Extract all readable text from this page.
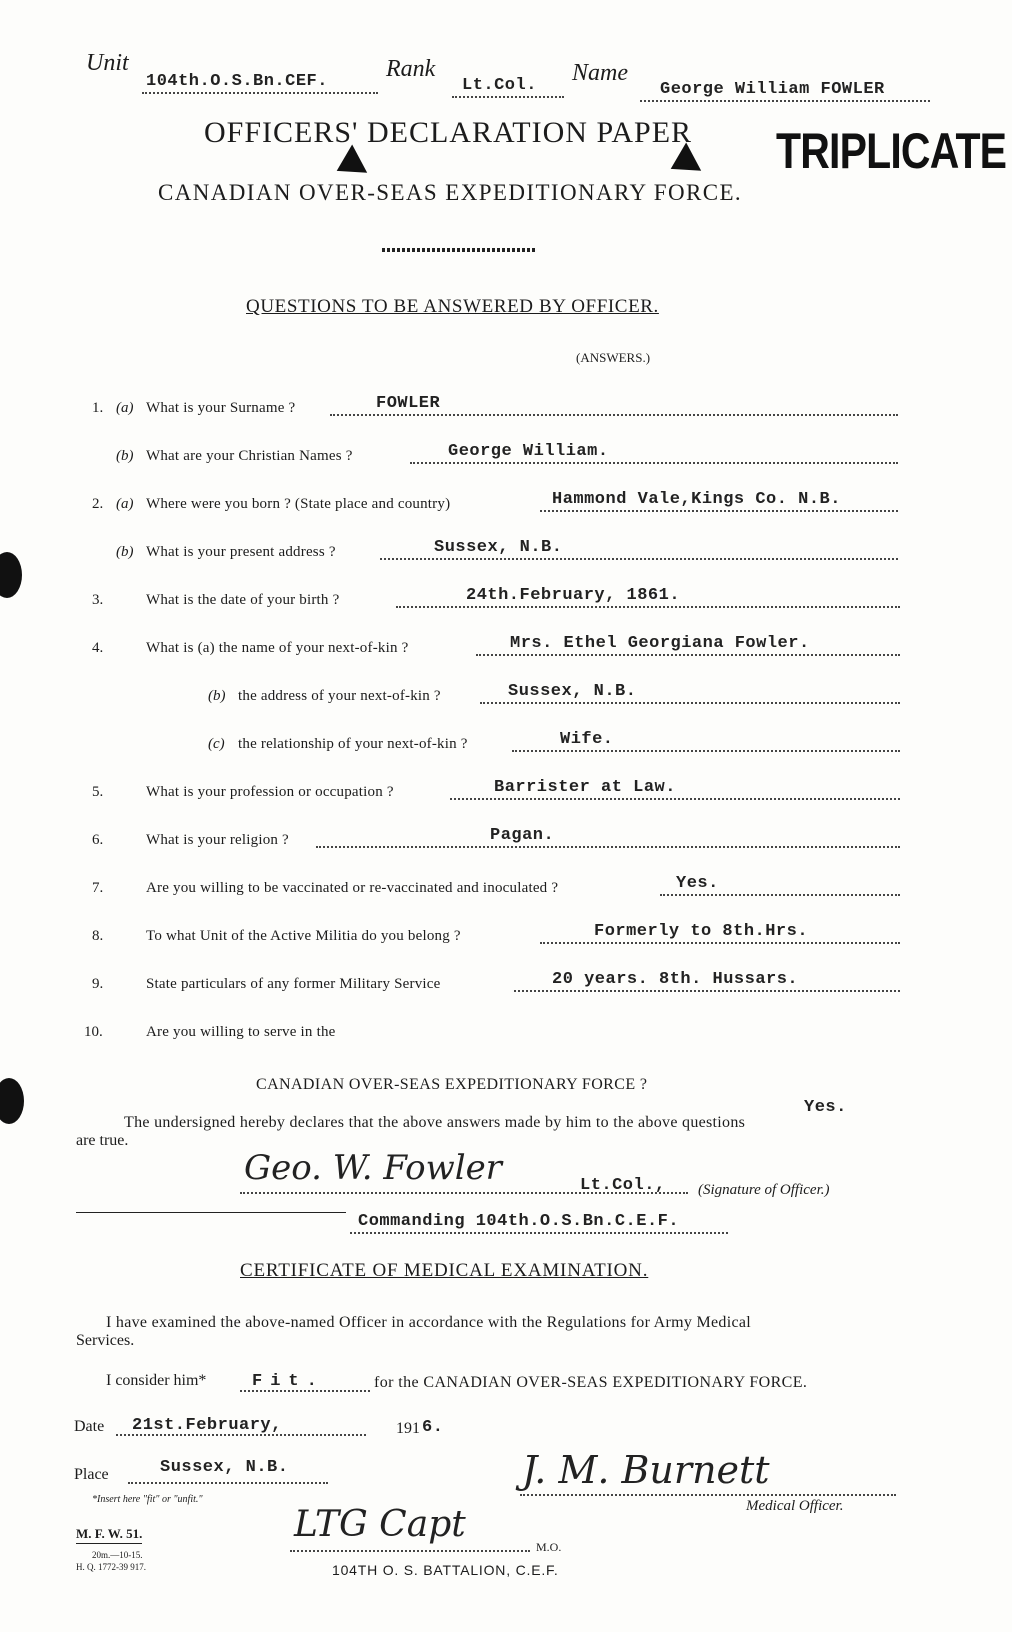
Unit
104th.O.S.Bn.CEF. Rank
Lt.Col. Name
George William FOWLER
OFFICERS' DECLARATION PAPER TRIPLICATE
CANADIAN OVER-SEAS EXPEDITIONARY FORCE.
QUESTIONS TO BE ANSWERED BY OFFICER.
(ANSWERS.)
1. (a) What is your Surname ?	FOWLER
(b) What are your Christian Names ?	George William.
2. (a) Where were you born ? (State place and country)	Hammond Vale,Kings Co. N.B.
(b) What is your present address ?	Sussex, N.B.
3.	What is the date of your birth ?	24th.February, 1861.
4.	What is (a) the name of your next-of-kin ?	Mrs. Ethel Georgiana Fowler.
(b) the address of your next-of-kin ?	Sussex, N.B.
(c) the relationship of your next-of-kin ?	Wife.
5.	What is your profession or occupation ?	Barrister at Law.
6.	What is your religion ?	Pagan.
7.	Are you willing to be vaccinated or re-vaccinated and inoculated ?	Yes.
8.	To what Unit of the Active Militia do you belong ?	Formerly to 8th.Hrs.
9.	State particulars of any former Military Service	20 years. 8th. Hussars.
10.	Are you willing to serve in the
CANADIAN OVER-SEAS EXPEDITIONARY FORCE ?
Yes.
The undersigned hereby declares that the above answers made by him to the above questions
are true.
Geo. W. Fowler	Lt.Col., (Signature of Officer.)
Commanding 104th.O.S.Bn.C.E.F.
CERTIFICATE OF MEDICAL EXAMINATION.
I have examined the above-named Officer in accordance with the Regulations for Army Medical
Services.
I consider him*	Fit.	for the CANADIAN OVER-SEAS EXPEDITIONARY FORCE.
Date 21st.February,	191 6.
Place	Sussex, N.B.
*Insert here "fit" or "unfit."
J. M. Burnett
Medical Officer.
LTG Capt
M.O.
104TH O. S. BATTALION, C.E.F.
M. F. W. 51.
20m.—10-15.
H. Q. 1772-39 917.
